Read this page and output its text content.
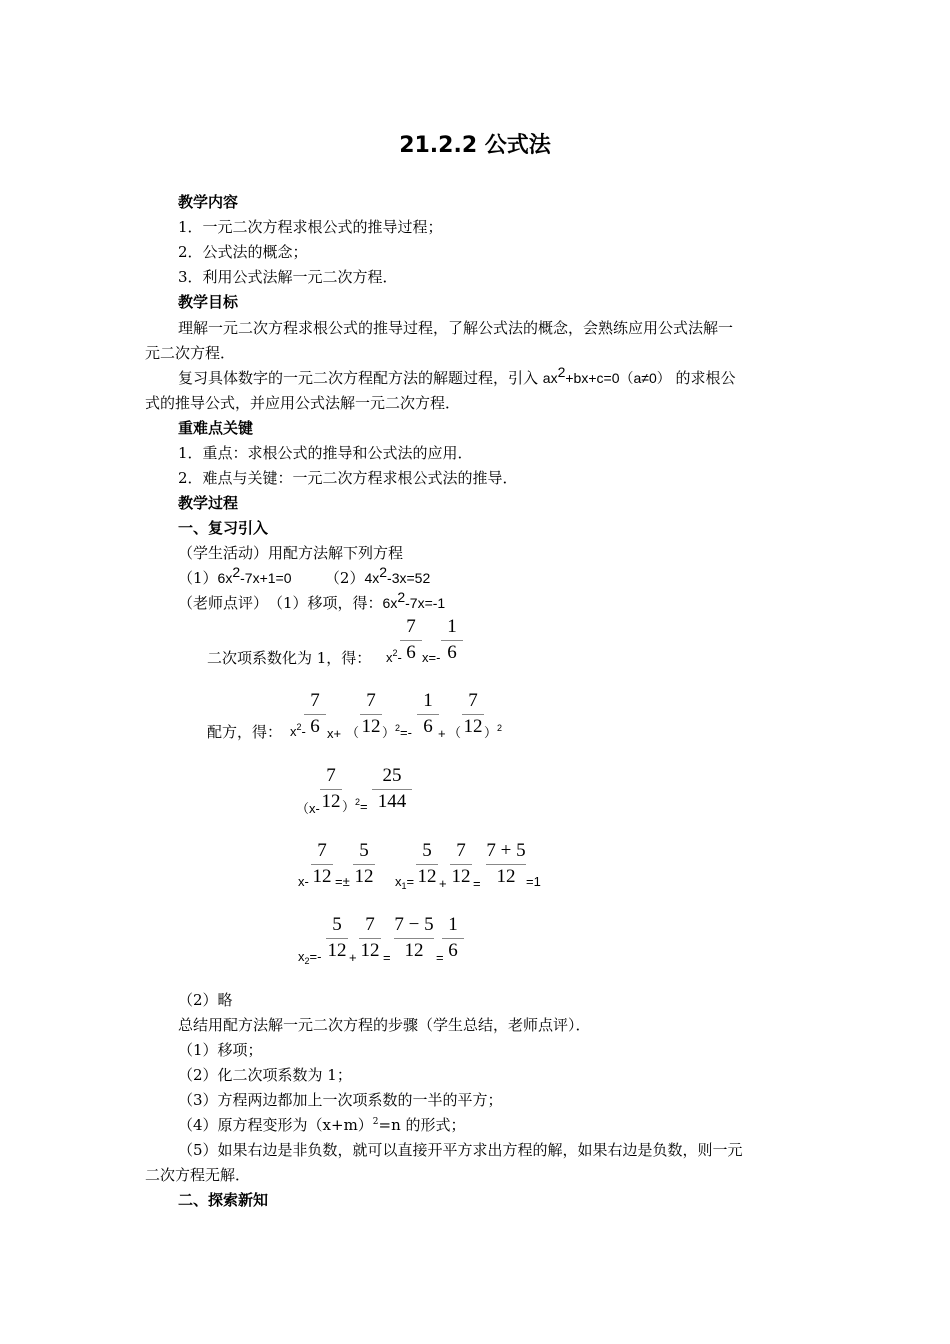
21.2.2 公式法
教学内容
1．一元二次方程求根公式的推导过程；
2．公式法的概念；
3．利用公式法解一元二次方程．
教学目标
理解一元二次方程求根公式的推导过程，了解公式法的概念，会熟练应用公式法解一
元二次方程．
复习具体数字的一元二次方程配方法的解题过程，引入 $ax^2+bx+c=0(a\ne 0)$ 的求根公
式的推导公式，并应用公式法解一元二次方程．
重难点关键
1．重点：求根公式的推导和公式法的应用．
2．难点与关键：一元二次方程求根公式法的推导．
教学过程
一、复习引入
（学生活动）用配方法解下列方程
$(1)6x^2-7x+1=0$ $(2)4x^2-3x=52$
（老师点评）　（1）移项，得：$6x^2-7x=-1$
二次项系数化为 1，得： $x^2-$
7
6 x=-
1
6
配方，得： $x^2-$
7
6 x+ （
7
12 ）$^2$=-
1
6 + （
7
12 ）$^2$
（x-
7
12 ）$^2$=
25
144
x-
7
12 =±
5
12 $x_1=$
5
12 +
7
12 =
7 + 5
12 =1
$x_2=-$
5
12 +
7
12 =
7 − 5
12 =
1
6
（2）略
总结用配方法解一元二次方程的步骤（学生总结，老师点评）．
（1）移项；
（2）化二次项系数为 1；
（3）方程两边都加上一次项系数的一半的平方；
（4）原方程变形为$(x+m)^2=n$ 的形式；
（5）如果右边是非负数，就可以直接开平方求出方程的解，如果右边是负数，则一元
二次方程无解．
二、探索新知
